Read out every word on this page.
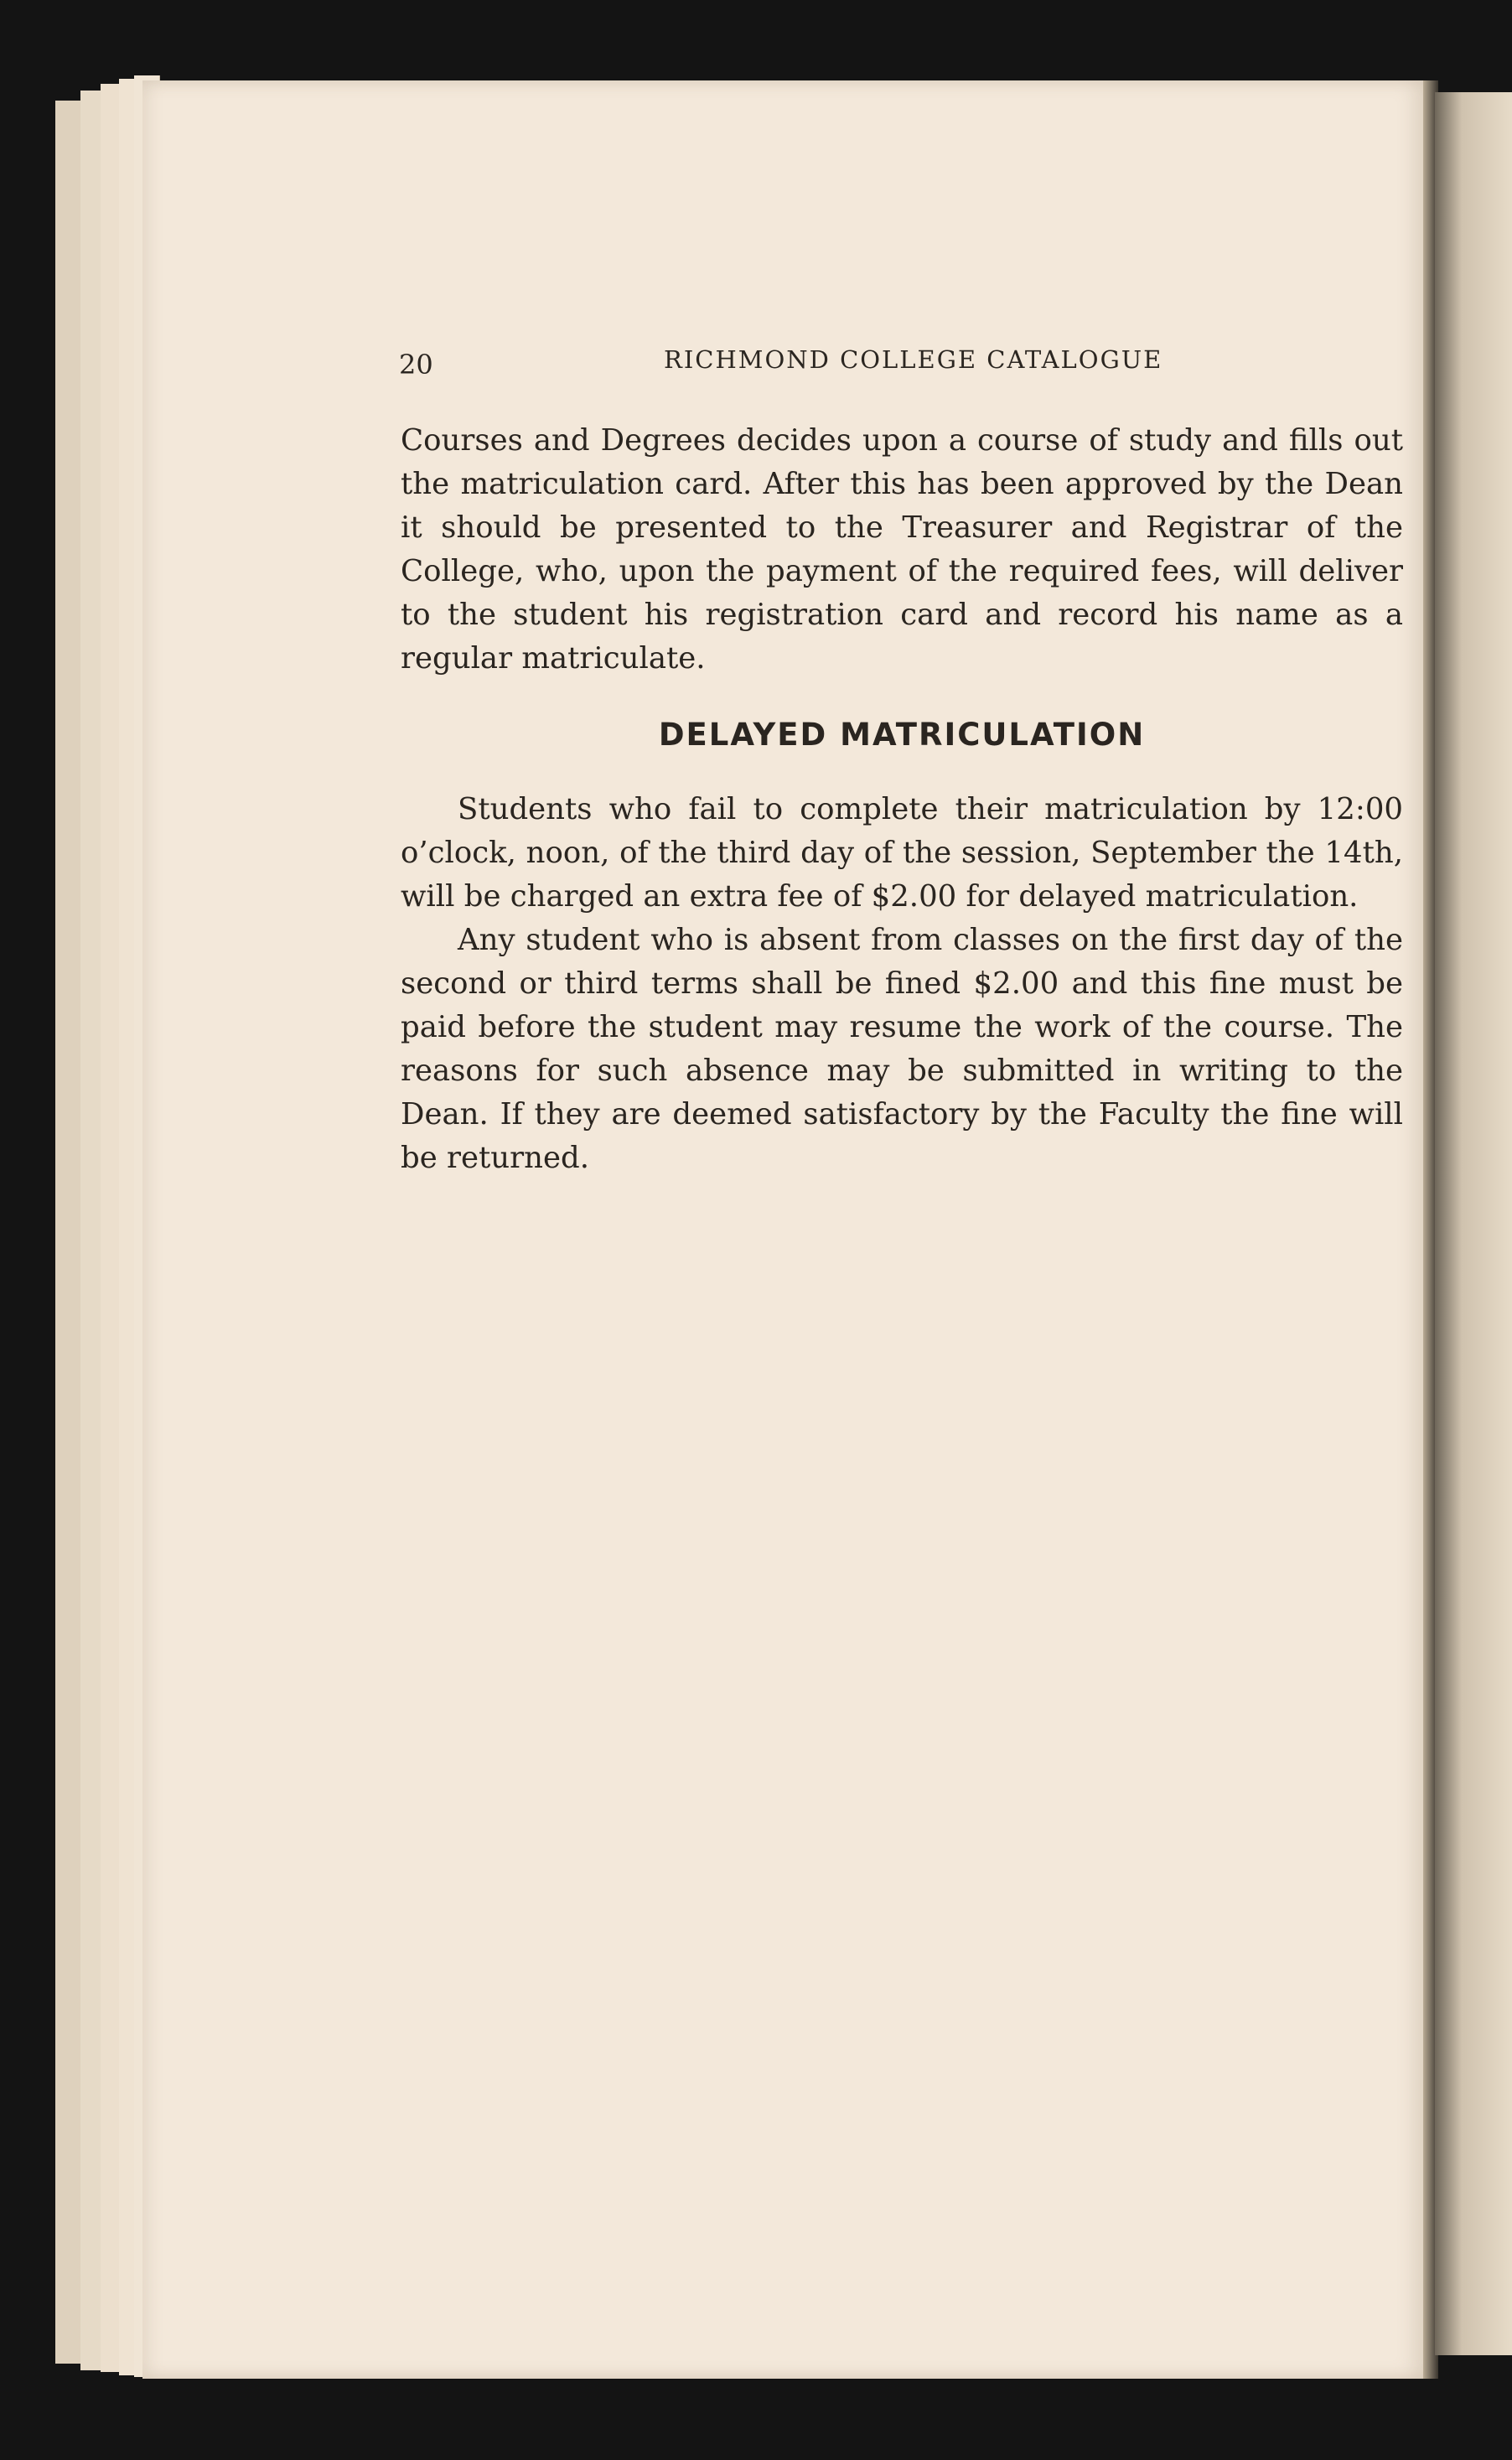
20	RICHMOND COLLEGE CATALOGUE

Courses and Degrees decides upon a course of study and fills out the matriculation card. After this has been approved by the Dean it should be presented to the Treasurer and Registrar of the College, who, upon the payment of the required fees, will deliver to the student his registration card and record his name as a regular matriculate.

DELAYED MATRICULATION

Students who fail to complete their matriculation by 12:00 o’clock, noon, of the third day of the session, September the 14th, will be charged an extra fee of $2.00 for delayed matriculation.

Any student who is absent from classes on the first day of the second or third terms shall be fined $2.00 and this fine must be paid before the student may resume the work of the course. The reasons for such absence may be submitted in writing to the Dean. If they are deemed satisfactory by the Faculty the fine will be returned.
